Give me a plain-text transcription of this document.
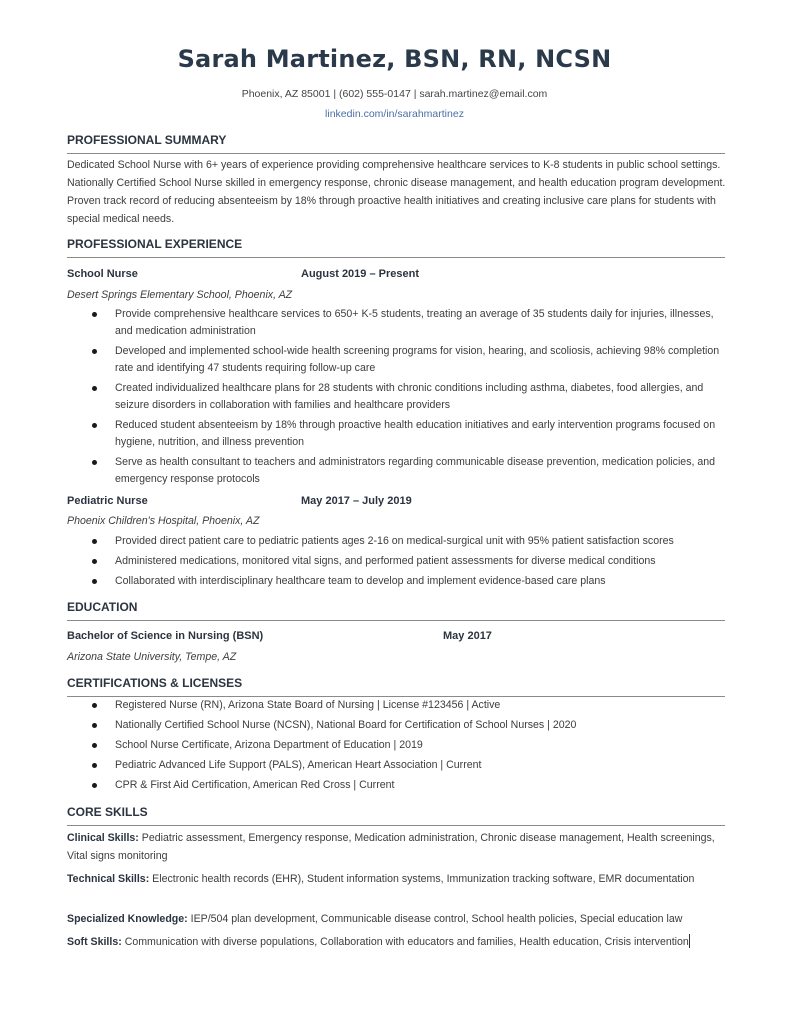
Sarah Martinez, BSN, RN, NCSN
Phoenix, AZ 85001 | (602) 555-0147 | sarah.martinez@email.com
linkedin.com/in/sarahmartinez
PROFESSIONAL SUMMARY
Dedicated School Nurse with 6+ years of experience providing comprehensive healthcare services to K-8 students in public school settings. Nationally Certified School Nurse skilled in emergency response, chronic disease management, and health education program development. Proven track record of reducing absenteeism by 18% through proactive health initiatives and creating inclusive care plans for students with special medical needs.
PROFESSIONAL EXPERIENCE
School Nurse	August 2019 – Present
Desert Springs Elementary School, Phoenix, AZ
Provide comprehensive healthcare services to 650+ K-5 students, treating an average of 35 students daily for injuries, illnesses, and medication administration
Developed and implemented school-wide health screening programs for vision, hearing, and scoliosis, achieving 98% completion rate and identifying 47 students requiring follow-up care
Created individualized healthcare plans for 28 students with chronic conditions including asthma, diabetes, food allergies, and seizure disorders in collaboration with families and healthcare providers
Reduced student absenteeism by 18% through proactive health education initiatives and early intervention programs focused on hygiene, nutrition, and illness prevention
Serve as health consultant to teachers and administrators regarding communicable disease prevention, medication policies, and emergency response protocols
Pediatric Nurse	May 2017 – July 2019
Phoenix Children's Hospital, Phoenix, AZ
Provided direct patient care to pediatric patients ages 2-16 on medical-surgical unit with 95% patient satisfaction scores
Administered medications, monitored vital signs, and performed patient assessments for diverse medical conditions
Collaborated with interdisciplinary healthcare team to develop and implement evidence-based care plans
EDUCATION
Bachelor of Science in Nursing (BSN)	May 2017
Arizona State University, Tempe, AZ
CERTIFICATIONS & LICENSES
Registered Nurse (RN), Arizona State Board of Nursing | License #123456 | Active
Nationally Certified School Nurse (NCSN), National Board for Certification of School Nurses | 2020
School Nurse Certificate, Arizona Department of Education | 2019
Pediatric Advanced Life Support (PALS), American Heart Association | Current
CPR & First Aid Certification, American Red Cross | Current
CORE SKILLS
Clinical Skills: Pediatric assessment, Emergency response, Medication administration, Chronic disease management, Health screenings, Vital signs monitoring
Technical Skills: Electronic health records (EHR), Student information systems, Immunization tracking software, EMR documentation
Specialized Knowledge: IEP/504 plan development, Communicable disease control, School health policies, Special education law
Soft Skills: Communication with diverse populations, Collaboration with educators and families, Health education, Crisis intervention
